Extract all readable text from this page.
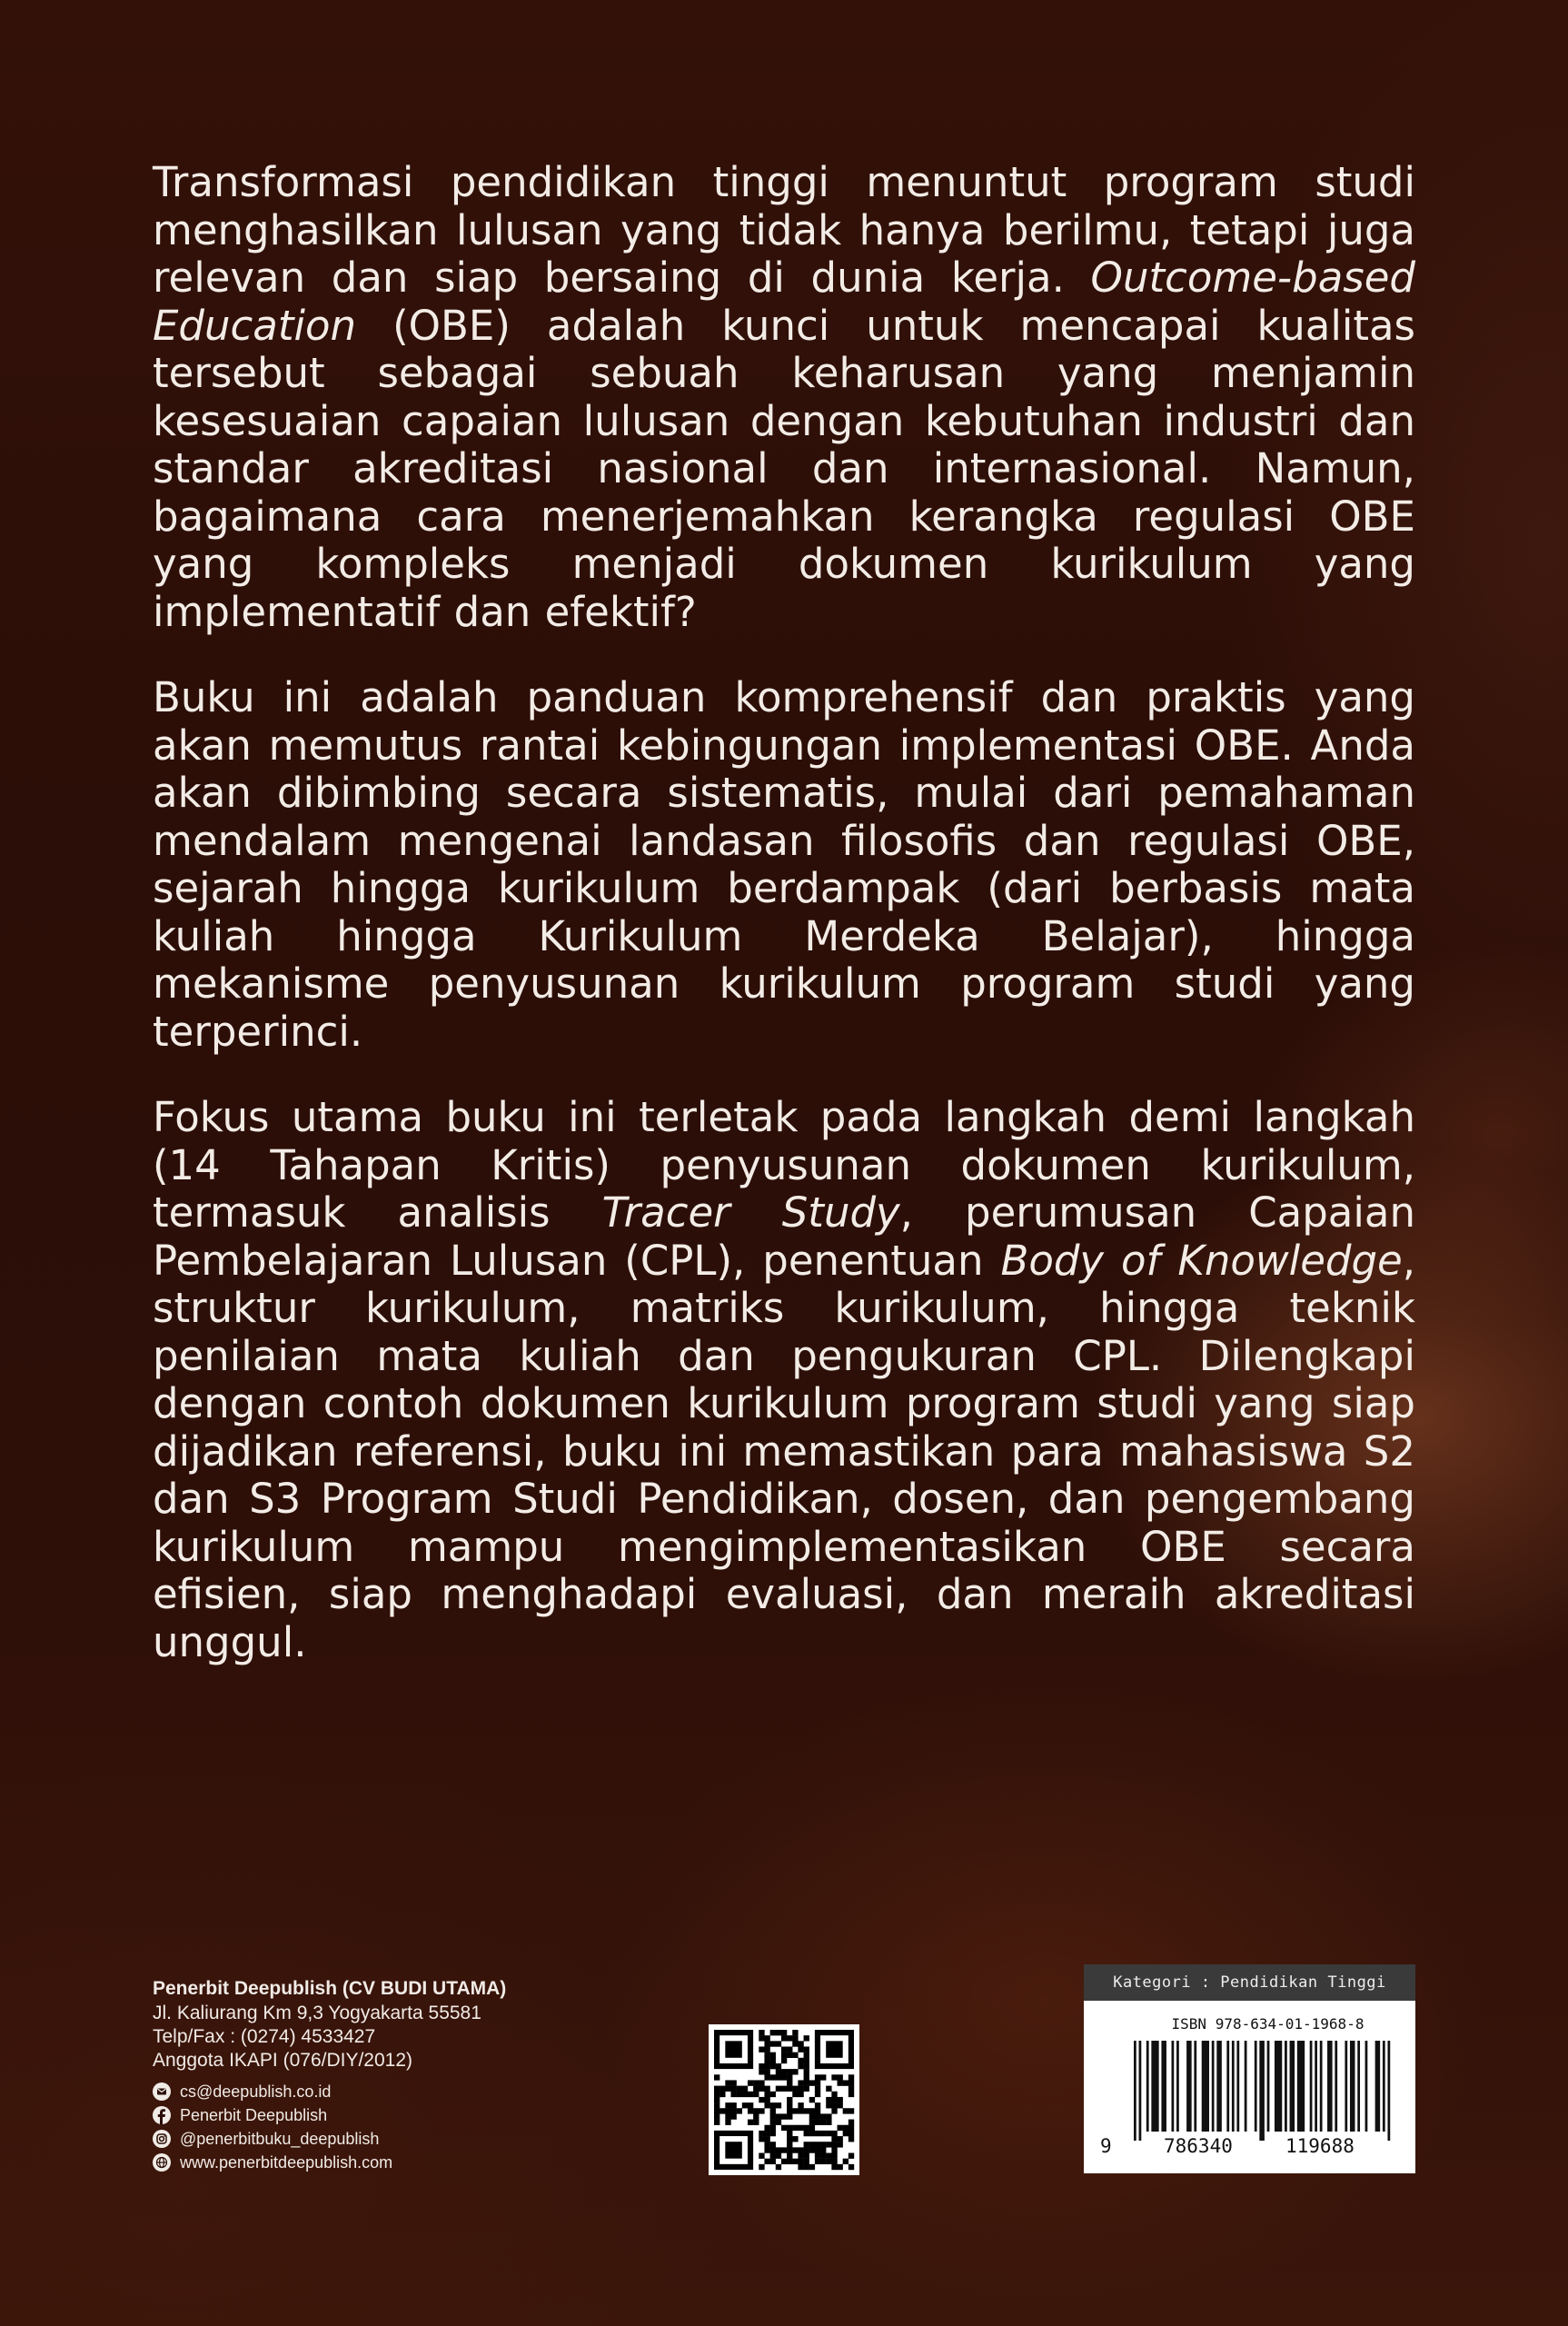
Transformasi pendidikan tinggi menuntut program studi menghasilkan lulusan yang tidak hanya berilmu, tetapi juga relevan dan siap bersaing di dunia kerja. Outcome-based Education (OBE) adalah kunci untuk mencapai kualitas tersebut sebagai sebuah keharusan yang menjamin kesesuaian capaian lulusan dengan kebutuhan industri dan standar akreditasi nasional dan internasional. Namun, bagaimana cara menerjemahkan kerangka regulasi OBE yang kompleks menjadi dokumen kurikulum yang implementatif dan efektif?

Buku ini adalah panduan komprehensif dan praktis yang akan memutus rantai kebingungan implementasi OBE. Anda akan dibimbing secara sistematis, mulai dari pemahaman mendalam mengenai landasan filosofis dan regulasi OBE, sejarah hingga kurikulum berdampak (dari berbasis mata kuliah hingga Kurikulum Merdeka Belajar), hingga mekanisme penyusunan kurikulum program studi yang terperinci.

Fokus utama buku ini terletak pada langkah demi langkah (14 Tahapan Kritis) penyusunan dokumen kurikulum, termasuk analisis Tracer Study, perumusan Capaian Pembelajaran Lulusan (CPL), penentuan Body of Knowledge, struktur kurikulum, matriks kurikulum, hingga teknik penilaian mata kuliah dan pengukuran CPL. Dilengkapi dengan contoh dokumen kurikulum program studi yang siap dijadikan referensi, buku ini memastikan para mahasiswa S2 dan S3 Program Studi Pendidikan, dosen, dan pengembang kurikulum mampu mengimplementasikan OBE secara efisien, siap menghadapi evaluasi, dan meraih akreditasi unggul.

Penerbit Deepublish (CV BUDI UTAMA)
Jl. Kaliurang Km 9,3 Yogyakarta 55581
Telp/Fax : (0274) 4533427
Anggota IKAPI (076/DIY/2012)
cs@deepublish.co.id
Penerbit Deepublish
@penerbitbuku_deepublish
www.penerbitdeepublish.com
Kategori : Pendidikan Tinggi
ISBN 978-634-01-1968-8
9	786340	119688
